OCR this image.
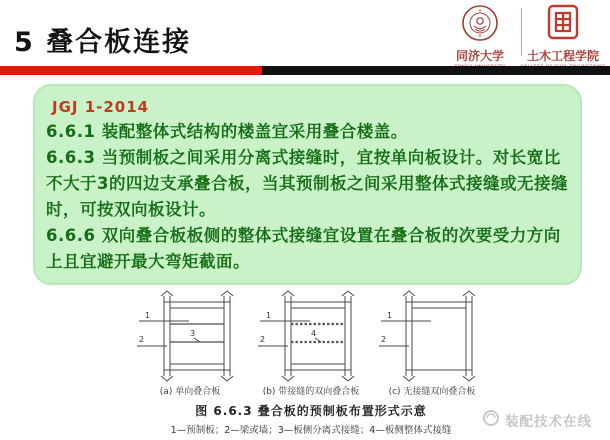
5 叠合板连接	同济大学 土木工程学院
JGJ 1-2014
6.6.1 装配整体式结构的楼盖宜采用叠合楼盖。
6.6.3 当预制板之间采用分离式接缝时，宜按单向板设计。对长宽比
不大于3的四边支承叠合板，当其预制板之间采用整体式接缝或无接缝
时，可按双向板设计。
6.6.6 双向叠合板板侧的整体式接缝宜设置在叠合板的次要受力方向
上且宜避开最大弯矩截面。
1
2
3
(a) 单向叠合板
1
2
4
(b) 带接缝的双向叠合板
1
2
(c) 无接缝双向叠合板
图 6.6.3 叠合板的预制板布置形式示意
1—预制板；2—梁或墙；3—板侧分离式接缝；4—板侧整体式接缝
装配技术在线
